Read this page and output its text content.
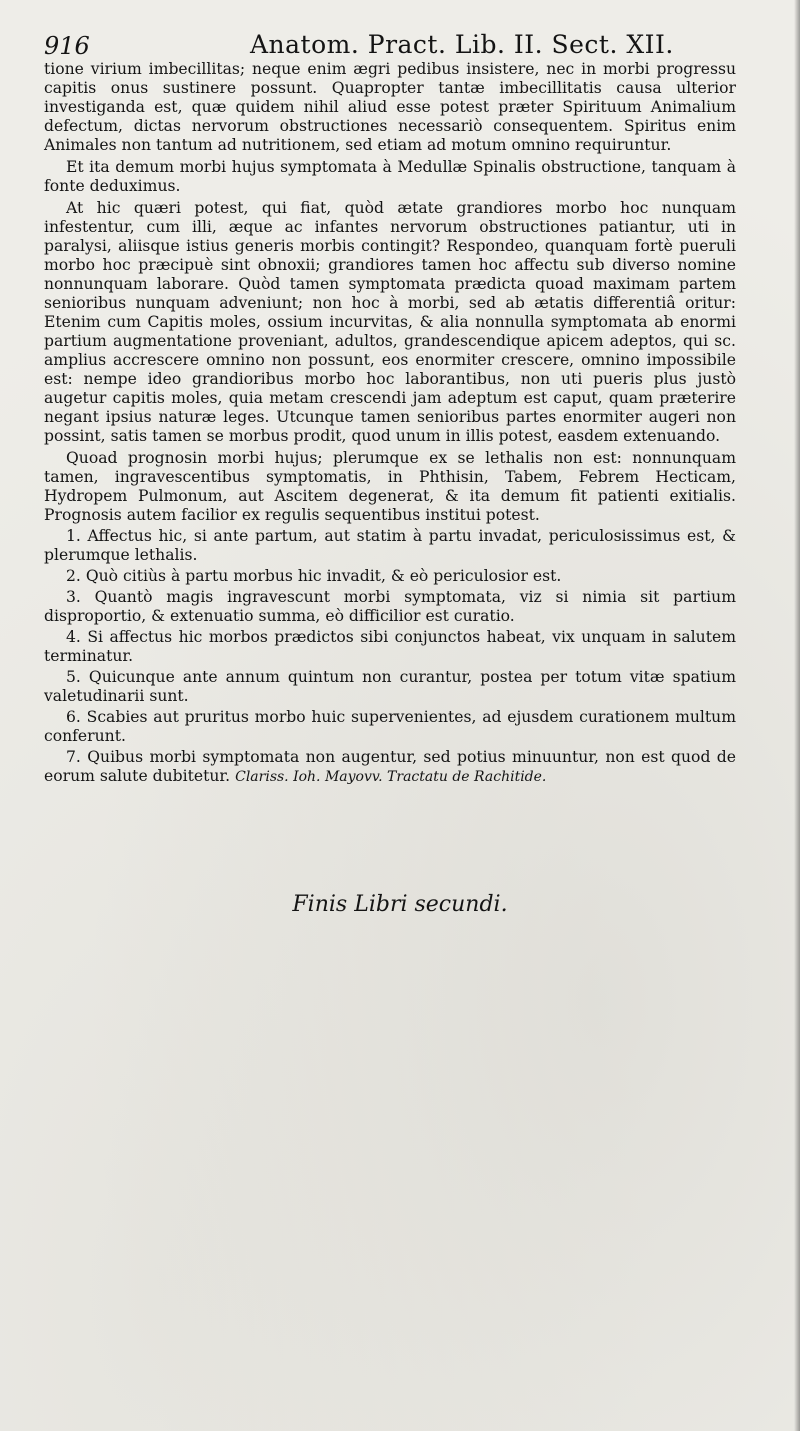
916	Anatom. Pract. Lib. II. Sect. XII.

tione virium imbecillitas; neque enim ægri pedibus insistere, nec in morbi progressu capitis onus sustinere possunt. Quapropter tantæ imbecillitatis causa ulterior investiganda est, quæ quidem nihil aliud esse potest præter Spirituum Animalium defectum, dictas nervorum obstructiones necessariò consequentem. Spiritus enim Animales non tantum ad nutritionem, sed etiam ad motum omnino requiruntur.

Et ita demum morbi hujus symptomata à Medullæ Spinalis obstructione, tanquam à fonte deduximus.

At hic quæri potest, qui fiat, quòd ætate grandiores morbo hoc nunquam infestentur, cum illi, æque ac infantes nervorum obstructiones patiantur, uti in paralysi, aliisque istius generis morbis contingit? Respondeo, quanquam fortè pueruli morbo hoc præcipuè sint obnoxii; grandiores tamen hoc affectu sub diverso nomine nonnunquam laborare. Quòd tamen symptomata prædicta quoad maximam partem senioribus nunquam adveniunt; non hoc à morbi, sed ab ætatis differentiâ oritur: Etenim cum Capitis moles, ossium incurvitas, & alia nonnulla symptomata ab enormi partium augmentatione proveniant, adultos, grandescendique apicem adeptos, qui sc. amplius accrescere omnino non possunt, eos enormiter crescere, omnino impossibile est: nempe ideo grandioribus morbo hoc laborantibus, non uti pueris plus justò augetur capitis moles, quia metam crescendi jam adeptum est caput, quam præterire negant ipsius naturæ leges. Utcunque tamen senioribus partes enormiter augeri non possint, satis tamen se morbus prodit, quod unum in illis potest, easdem extenuando.

Quoad prognosin morbi hujus; plerumque ex se lethalis non est: nonnunquam tamen, ingravescentibus symptomatis, in Phthisin, Tabem, Febrem Hecticam, Hydropem Pulmonum, aut Ascitem degenerat, & ita demum fit patienti exitialis. Prognosis autem facilior ex regulis sequentibus institui potest.

1. Affectus hic, si ante partum, aut statim à partu invadat, periculosissimus est, & plerumque lethalis.

2. Quò citiùs à partu morbus hic invadit, & eò periculosior est.

3. Quantò magis ingravescunt morbi symptomata, viz si nimia sit partium disproportio, & extenuatio summa, eò difficilior est curatio.

4. Si affectus hic morbos prædictos sibi conjunctos habeat, vix unquam in salutem terminatur.

5. Quicunque ante annum quintum non curantur, postea per totum vitæ spatium valetudinarii sunt.

6. Scabies aut pruritus morbo huic supervenientes, ad ejusdem curationem multum conferunt.

7. Quibus morbi symptomata non augentur, sed potius minuuntur, non est quod de eorum salute dubitetur. Clariss. Ioh. Mayovv. Tractatu de Rachitide.

Finis Libri secundi.
